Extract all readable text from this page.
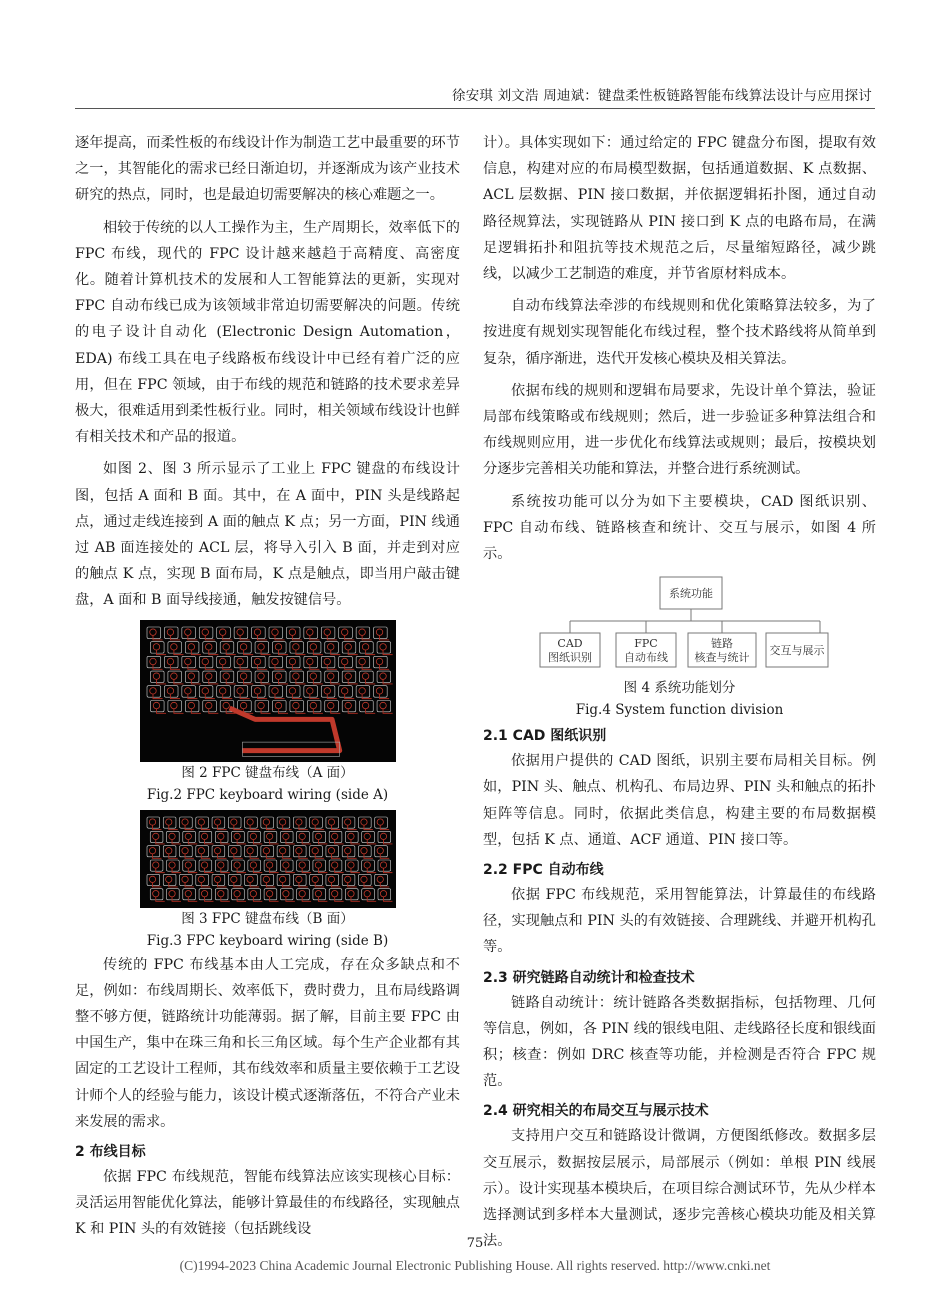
徐安琪 刘文浩 周迪斌：键盘柔性板链路智能布线算法设计与应用探讨

逐年提高，而柔性板的布线设计作为制造工艺中最重要的环节之一，其智能化的需求已经日渐迫切，并逐渐成为该产业技术研究的热点，同时，也是最迫切需要解决的核心难题之一。

相较于传统的以人工操作为主，生产周期长，效率低下的 FPC 布线，现代的 FPC 设计越来越趋于高精度、高密度化。随着计算机技术的发展和人工智能算法的更新，实现对 FPC 自动布线已成为该领域非常迫切需要解决的问题。传统的电子设计自动化 (Electronic Design Automation，EDA) 布线工具在电子线路板布线设计中已经有着广泛的应用，但在 FPC 领域，由于布线的规范和链路的技术要求差异极大，很难适用到柔性板行业。同时，相关领域布线设计也鲜有相关技术和产品的报道。

如图 2、图 3 所示显示了工业上 FPC 键盘的布线设计图，包括 A 面和 B 面。其中，在 A 面中，PIN 头是线路起点，通过走线连接到 A 面的触点 K 点；另一方面，PIN 线通过 AB 面连接处的 ACL 层，将导入引入 B 面，并走到对应的触点 K 点，实现 B 面布局，K 点是触点，即当用户敲击键盘，A 面和 B 面导线接通，触发按键信号。

图 2 FPC 键盘布线（A 面）
Fig.2 FPC keyboard wiring (side A)
图 3 FPC 键盘布线（B 面）
Fig.3 FPC keyboard wiring (side B)

传统的 FPC 布线基本由人工完成，存在众多缺点和不足，例如：布线周期长、效率低下，费时费力，且布局线路调整不够方便，链路统计功能薄弱。据了解，目前主要 FPC 由中国生产，集中在珠三角和长三角区域。每个生产企业都有其固定的工艺设计工程师，其布线效率和质量主要依赖于工艺设计师个人的经验与能力，该设计模式逐渐落伍，不符合产业未来发展的需求。

2 布线目标

依据 FPC 布线规范，智能布线算法应该实现核心目标：灵活运用智能优化算法，能够计算最佳的布线路径，实现触点 K 和 PIN 头的有效链接（包括跳线设

计）。具体实现如下：通过给定的 FPC 键盘分布图，提取有效信息，构建对应的布局模型数据，包括通道数据、K 点数据、ACL 层数据、PIN 接口数据，并依据逻辑拓扑图，通过自动路径规算法，实现链路从 PIN 接口到 K 点的电路布局，在满足逻辑拓扑和阻抗等技术规范之后，尽量缩短路径，减少跳线，以减少工艺制造的难度，并节省原材料成本。

自动布线算法牵涉的布线规则和优化策略算法较多，为了按进度有规划实现智能化布线过程，整个技术路线将从简单到复杂，循序渐进，迭代开发核心模块及相关算法。

依据布线的规则和逻辑布局要求，先设计单个算法，验证局部布线策略或布线规则；然后，进一步验证多种算法组合和布线规则应用，进一步优化布线算法或规则；最后，按模块划分逐步完善相关功能和算法，并整合进行系统测试。

系统按功能可以分为如下主要模块，CAD 图纸识别、FPC 自动布线、链路核查和统计、交互与展示，如图 4 所示。

系统功能
CAD
图纸识别
FPC
自动布线
链路
核查与统计
交互与展示
图 4 系统功能划分
Fig.4 System function division
2.1 CAD 图纸识别

依据用户提供的 CAD 图纸，识别主要布局相关目标。例如，PIN 头、触点、机构孔、布局边界、PIN 头和触点的拓扑矩阵等信息。同时，依据此类信息，构建主要的布局数据模型，包括 K 点、通道、ACF 通道、PIN 接口等。

2.2 FPC 自动布线

依据 FPC 布线规范，采用智能算法，计算最佳的布线路径，实现触点和 PIN 头的有效链接、合理跳线、并避开机构孔等。

2.3 研究链路自动统计和检查技术

链路自动统计：统计链路各类数据指标，包括物理、几何等信息，例如，各 PIN 线的银线电阻、走线路径长度和银线面积；核查：例如 DRC 核查等功能，并检测是否符合 FPC 规范。

2.4 研究相关的布局交互与展示技术

支持用户交互和链路设计微调，方便图纸修改。数据多层交互展示，数据按层展示，局部展示（例如：单根 PIN 线展示）。设计实现基本模块后，在项目综合测试环节，先从少样本选择测试到多样本大量测试，逐步完善核心模块功能及相关算法。

75
(C)1994-2023 China Academic Journal Electronic Publishing House. All rights reserved. http://www.cnki.net
